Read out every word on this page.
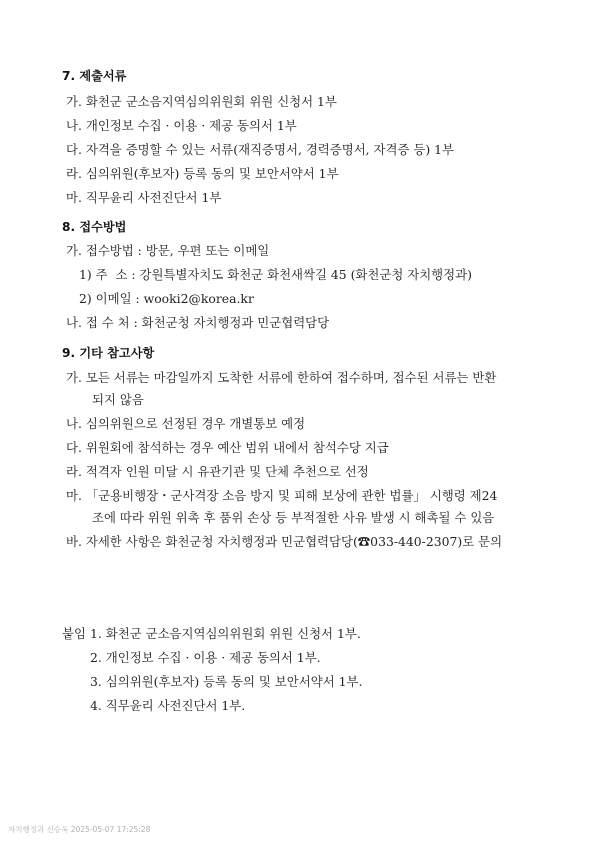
7. 제출서류
가. 화천군 군소음지역심의위원회 위원 신청서 1부
나. 개인정보 수집 · 이용 · 제공 동의서 1부
다. 자격을 증명할 수 있는 서류(재직증명서, 경력증명서, 자격증 등) 1부
라. 심의위원(후보자) 등록 동의 및 보안서약서 1부
마. 직무윤리 사전진단서 1부
8. 접수방법
가. 접수방법 : 방문, 우편 또는 이메일
1) 주  소 : 강원특별자치도 화천군 화천새싹길 45 (화천군청 자치행정과)
2) 이메일 : wooki2@korea.kr
나. 접 수 처 : 화천군청 자치행정과 민군협력담당
9. 기타 참고사항
가. 모든 서류는 마감일까지 도착한 서류에 한하여 접수하며, 접수된 서류는 반환
되지 않음
나. 심의위원으로 선정된 경우 개별통보 예정
다. 위원회에 참석하는 경우 예산 범위 내에서 참석수당 지급
라. 적격자 인원 미달 시 유관기관 및 단체 추천으로 선정
마. 「군용비행장・군사격장 소음 방지 및 피해 보상에 관한 법률」 시행령 제24
조에 따라 위원 위촉 후 품위 손상 등 부적절한 사유 발생 시 해촉될 수 있음
바. 자세한 사항은 화천군청 자치행정과 민군협력담당(☎033-440-2307)로 문의
붙임 1. 화천군 군소음지역심의위원회 위원 신청서 1부.
2. 개인정보 수집 · 이용 · 제공 동의서 1부.
3. 심의위원(후보자) 등록 동의 및 보안서약서 1부.
4. 직무윤리 사전진단서 1부.
자치행정과 신승욱 2025-05-07 17:25:28
